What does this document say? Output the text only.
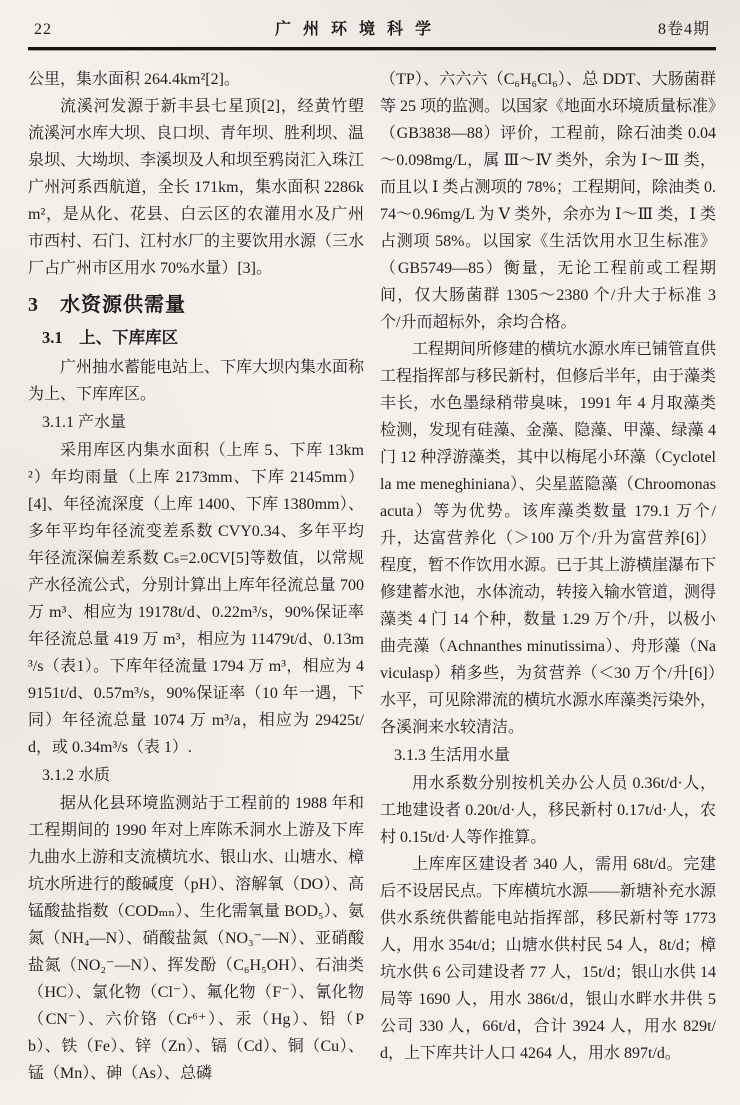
22	广 州 环 境 科 学	8卷4期

公里，集水面积 264.4km²[2]。

流溪河发源于新丰县七星顶[2]，经黄竹塱流溪河水库大坝、良口坝、青年坝、胜利坝、温泉坝、大坳坝、李溪坝及人和坝至鸦岗汇入珠江广州河系西航道，全长 171km，集水面积 2286km²，是从化、花县、白云区的农灌用水及广州市西村、石门、江村水厂的主要饮用水源（三水厂占广州市区用水 70%水量）[3]。

3　水资源供需量
3.1　上、下库库区

广州抽水蓄能电站上、下库大坝内集水面称为上、下库库区。

3.1.1 产水量

采用库区内集水面积（上库 5、下库 13km²）年均雨量（上库 2173mm、下库 2145mm）[4]、年径流深度（上库 1400、下库 1380mm）、多年平均年径流变差系数 CVY0.34、多年平均年径流深偏差系数 Cₛ=2.0CV[5]等数值，以常规产水径流公式，分别计算出上库年径流总量 700 万 m³、相应为 19178t/d、0.22m³/s，90%保证率年径流总量 419 万 m³，相应为 11479t/d、0.13m³/s（表1）。下库年径流量 1794 万 m³，相应为 49151t/d、0.57m³/s，90%保证率（10 年一遇，下同）年径流总量 1074 万 m³/a，相应为 29425t/d，或 0.34m³/s（表 1）.

3.1.2 水质

据从化县环境监测站于工程前的 1988 年和工程期间的 1990 年对上库陈禾洞水上游及下库九曲水上游和支流横坑水、银山水、山塘水、樟坑水所进行的酸碱度（pH）、溶解氧（DO）、高锰酸盐指数（CODₘₙ）、生化需氧量 BOD₅）、氨氮（NH₄—N）、硝酸盐氮（NO₃⁻—N）、亚硝酸盐氮（NO₂⁻—N）、挥发酚（C₆H₅OH）、石油类（HC）、氯化物（Cl⁻）、氟化物（F⁻）、氰化物（CN⁻）、六价铬（Cr⁶⁺）、汞（Hg）、铅（Pb）、铁（Fe）、锌（Zn）、镉（Cd）、铜（Cu）、锰（Mn）、砷（As）、总磷

（TP）、六六六（C₆H₆Cl₆）、总 DDT、大肠菌群等 25 项的监测。以国家《地面水环境质量标准》（GB3838—88）评价，工程前，除石油类 0.04～0.098mg/L，属 Ⅲ～Ⅳ 类外，余为 Ⅰ～Ⅲ 类，而且以 Ⅰ 类占测项的 78%；工程期间，除油类 0.74～0.96mg/L 为 Ⅴ 类外，余亦为 Ⅰ～Ⅲ 类，Ⅰ 类占测项 58%。以国家《生活饮用水卫生标准》（GB5749—85）衡量，无论工程前或工程期间，仅大肠菌群 1305～2380 个/升大于标准 3 个/升而超标外，余均合格。

工程期间所修建的横坑水源水库已铺管直供工程指挥部与移民新村，但修后半年，由于藻类丰长，水色墨绿稍带臭味，1991 年 4 月取藻类检测，发现有硅藻、金藻、隐藻、甲藻、绿藻 4 门 12 种浮游藻类，其中以梅尾小环藻（Cyclotella me meneghiniana）、尖星蓝隐藻（Chroomonas acuta）等为优势。该库藻类数量 179.1 万个/升，达富营养化（＞100 万个/升为富营养[6]）程度，暂不作饮用水源。已于其上游横崖瀑布下修建蓄水池，水体流动，转接入输水管道，测得藻类 4 门 14 个种，数量 1.29 万个/升，以极小曲壳藻（Achnanthes minutissima）、舟形藻（Naviculasp）稍多些，为贫营养（＜30 万个/升[6]）水平，可见除滞流的横坑水源水库藻类污染外，各溪涧来水较清洁。

3.1.3 生活用水量

用水系数分别按机关办公人员 0.36t/d·人，工地建设者 0.20t/d·人，移民新村 0.17t/d·人，农村 0.15t/d·人等作推算。

上库库区建设者 340 人，需用 68t/d。完建后不设居民点。下库横坑水源——新塘补充水源供水系统供蓄能电站指挥部，移民新村等 1773 人，用水 354t/d；山塘水供村民 54 人，8t/d；樟坑水供 6 公司建设者 77 人，15t/d；银山水供 14 局等 1690 人，用水 386t/d，银山水畔水井供 5 公司 330 人，66t/d，合计 3924 人，用水 829t/d，上下库共计人口 4264 人，用水 897t/d。
